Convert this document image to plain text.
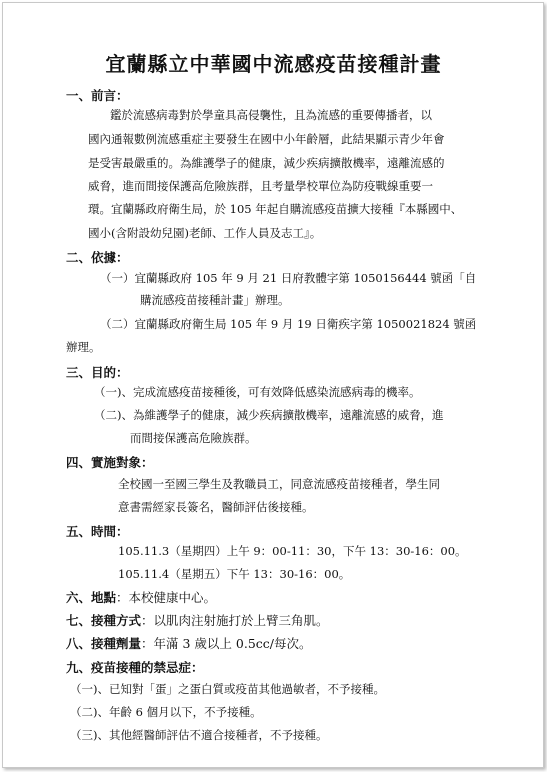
宜蘭縣立中華國中流感疫苗接種計畫
一、前言：
鑑於流感病毒對於學童具高侵襲性，且為流感的重要傳播者，以
國內通報數例流感重症主要發生在國中小年齡層，此結果顯示青少年會
是受害最嚴重的。為維護學子的健康，減少疾病擴散機率，遠離流感的
威脅，進而間接保護高危險族群，且考量學校單位為防疫戰線重要一
環。宜蘭縣政府衛生局，於 105 年起自購流感疫苗擴大接種『本縣國中、
國小(含附設幼兒園)老師、工作人員及志工』。
二、依據：
（一）宜蘭縣政府 105 年 9 月 21 日府教體字第 1050156444 號函「自
購流感疫苗接種計畫」辦理。
（二）宜蘭縣政府衛生局 105 年 9 月 19 日衛疾字第 1050021824 號函
辦理。
三、目的：
（一)、完成流感疫苗接種後，可有效降低感染流感病毒的機率。
（二)、為維護學子的健康，減少疾病擴散機率，遠離流感的威脅，進
而間接保護高危險族群。
四、實施對象：
全校國一至國三學生及教職員工，同意流感疫苗接種者，學生同
意書需經家長簽名，醫師評估後接種。
五、時間：
105.11.3（星期四）上午 9：00-11：30，下午 13：30-16：00。
105.11.4（星期五）下午 13：30-16：00。
六、地點：本校健康中心。
七、接種方式：以肌肉注射施打於上臂三角肌。
八、接種劑量：年滿 3 歲以上 0.5cc/每次。
九、疫苗接種的禁忌症：
（一)、已知對「蛋」之蛋白質或疫苗其他過敏者，不予接種。
（二)、年齡 6 個月以下，不予接種。
（三)、其他經醫師評估不適合接種者，不予接種。
